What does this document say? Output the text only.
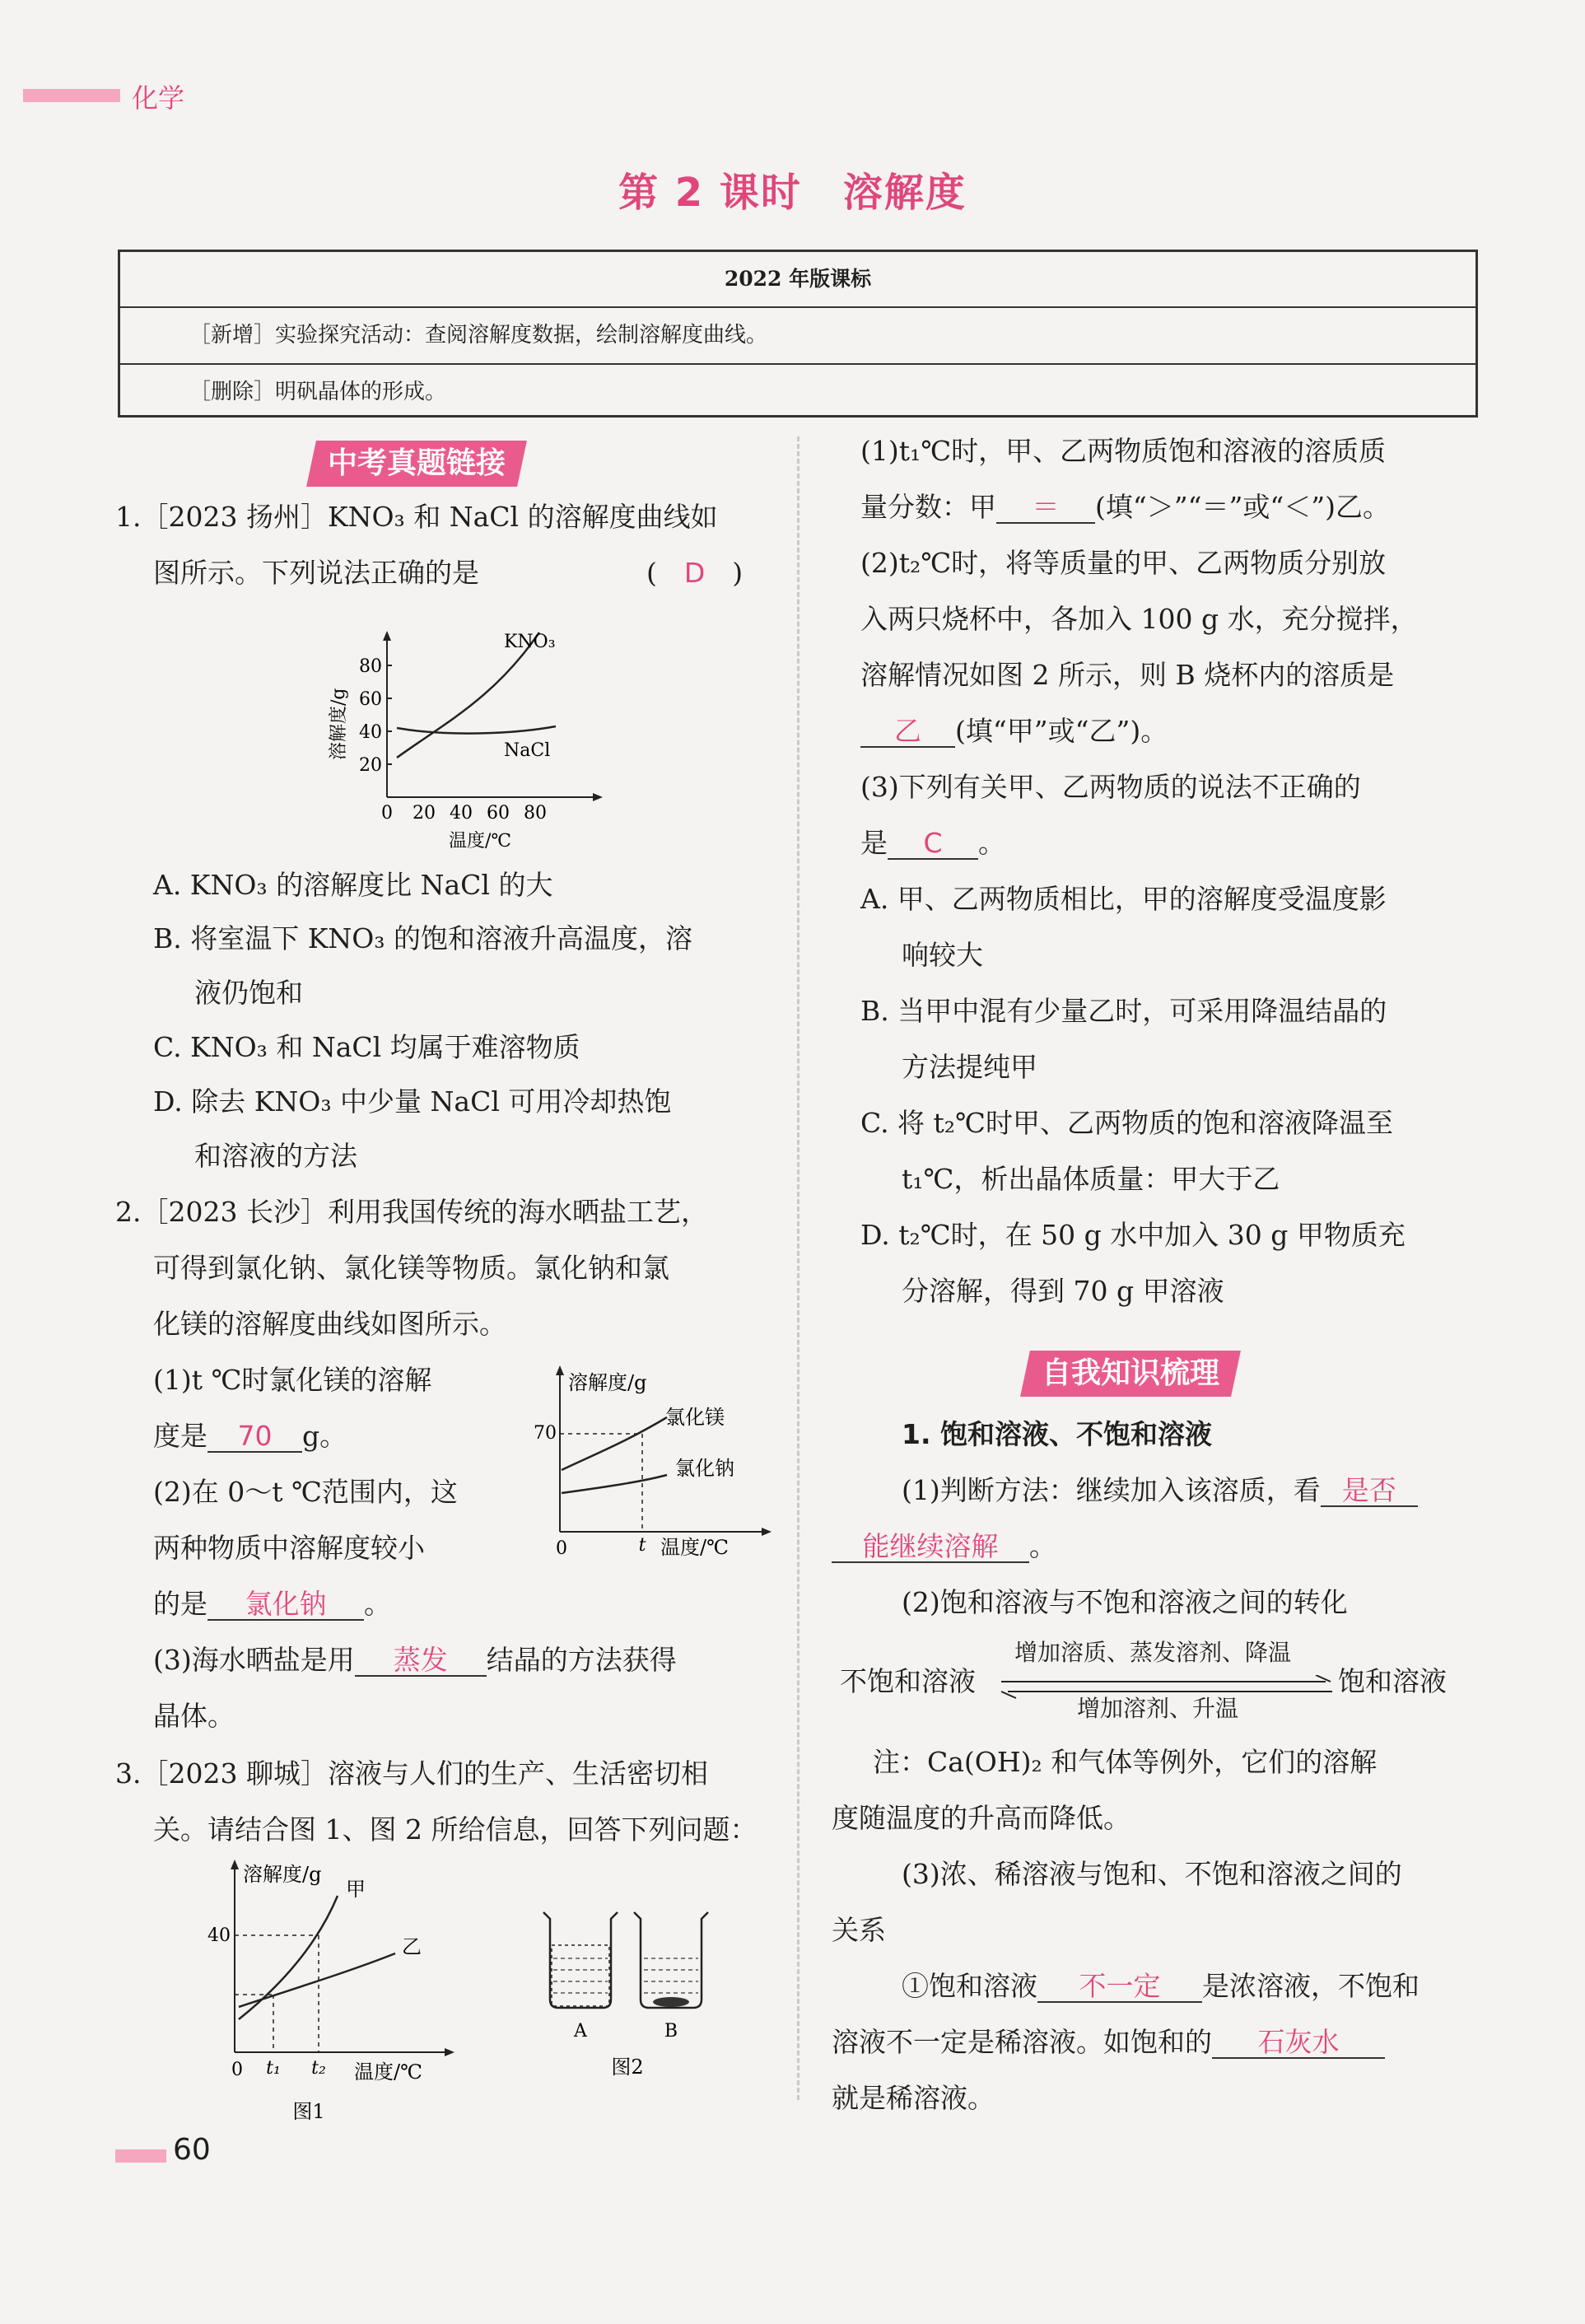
化学
第 2 课时　溶解度
2022 年版课标
［新增］实验探究活动：查阅溶解度数据，绘制溶解度曲线。
［删除］明矾晶体的形成。
中考真题链接
1.［2023 扬州］KNO₃ 和 NaCl 的溶解度曲线如
图所示。下列说法正确的是	(　D　)
20
40
60
80
0 20 40 60 80
溶解度/g
温度/℃
KNO₃
NaCl
A. KNO₃ 的溶解度比 NaCl 的大
B. 将室温下 KNO₃ 的饱和溶液升高温度，溶
液仍饱和
C. KNO₃ 和 NaCl 均属于难溶物质
D. 除去 KNO₃ 中少量 NaCl 可用冷却热饱
和溶液的方法
2.［2023 长沙］利用我国传统的海水晒盐工艺，
可得到氯化钠、氯化镁等物质。氯化钠和氯
化镁的溶解度曲线如图所示。
(1)t ℃时氯化镁的溶解
度是 70 g。
(2)在 0～t ℃范围内，这
两种物质中溶解度较小
的是 氯化钠 。
(3)海水晒盐是用 蒸发 结晶的方法获得
晶体。
溶解度/g
70
0	t 温度/℃
氯化镁
氯化钠
3.［2023 聊城］溶液与人们的生产、生活密切相
关。请结合图 1、图 2 所给信息，回答下列问题：
溶解度/g
40
0 t₁ t₂ 温度/℃
甲
乙
图1
A	B
图2
(1)t₁℃时，甲、乙两物质饱和溶液的溶质质
量分数：甲 ＝ (填“＞”“＝”或“＜”)乙。
(2)t₂℃时，将等质量的甲、乙两物质分别放
入两只烧杯中，各加入 100 g 水，充分搅拌，
溶解情况如图 2 所示，则 B 烧杯内的溶质是
乙 (填“甲”或“乙”)。
(3)下列有关甲、乙两物质的说法不正确的
是 C 。
A. 甲、乙两物质相比，甲的溶解度受温度影
响较大
B. 当甲中混有少量乙时，可采用降温结晶的
方法提纯甲
C. 将 t₂℃时甲、乙两物质的饱和溶液降温至
t₁℃，析出晶体质量：甲大于乙
D. t₂℃时，在 50 g 水中加入 30 g 甲物质充
分溶解，得到 70 g 甲溶液
自我知识梳理
1. 饱和溶液、不饱和溶液
(1)判断方法：继续加入该溶质，看 是否
能继续溶解 。
(2)饱和溶液与不饱和溶液之间的转化
不饱和溶液
增加溶质、蒸发溶剂、降温
增加溶剂、升温
饱和溶液
注：Ca(OH)₂ 和气体等例外，它们的溶解
度随温度的升高而降低。
(3)浓、稀溶液与饱和、不饱和溶液之间的
关系
①饱和溶液 不一定 是浓溶液，不饱和
溶液不一定是稀溶液。如饱和的 石灰水
就是稀溶液。
60
